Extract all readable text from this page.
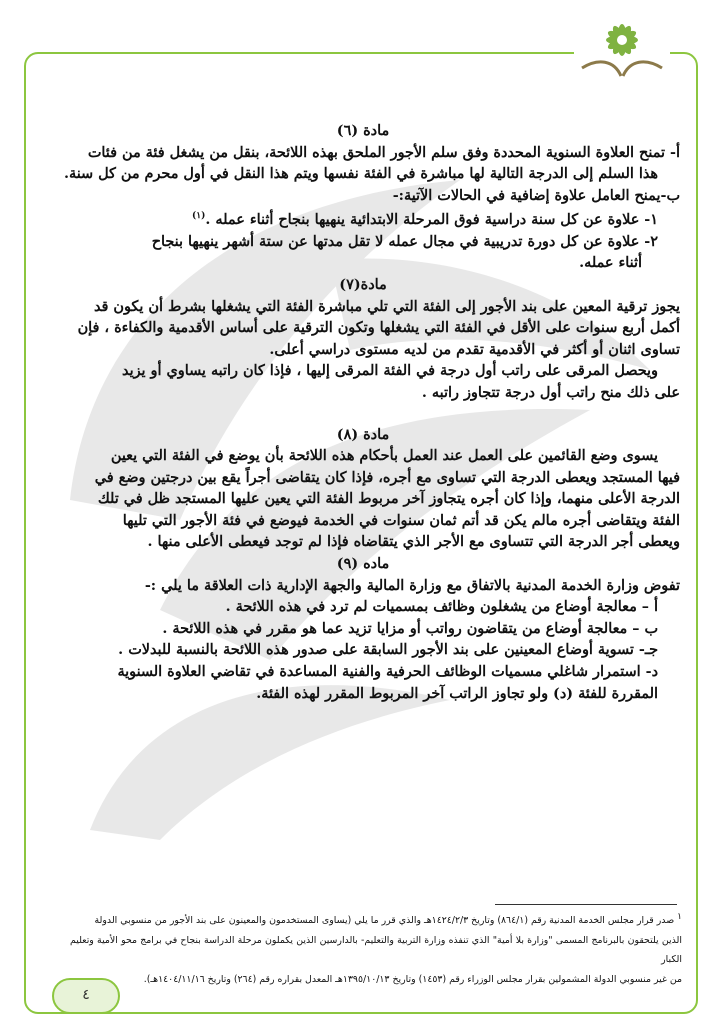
مادة (٦)

أ- تمنح العلاوة السنوية المحددة وفق سلم الأجور الملحق بهذه اللائحة، بنقل من يشغل فئة من فئات

هذا السلم إلى الدرجة التالية لها مباشرة في الفئة نفسها ويتم هذا النقل في أول محرم من كل سنة.

ب-يمنح العامل علاوة إضافية في الحالات الآتية:-

١- علاوة عن كل سنة دراسية فوق المرحلة الابتدائية ينهيها بنجاح أثناء عمله .$^{(١)}$

٢- علاوة عن كل دورة تدريبية في مجال عمله لا تقل مدتها عن ستة أشهر ينهيها بنجاح

أثناء عمله.

مادة(٧)

يجوز ترقية المعين على بند الأجور إلى الفئة التي تلي مباشرة الفئة التي يشغلها بشرط أن يكون قد

أكمل أربع سنوات على الأقل في الفئة التي يشغلها وتكون الترقية على أساس الأقدمية والكفاءة ، فإن

تساوى اثنان أو أكثر في الأقدمية تقدم من لديه مستوى دراسي أعلى.

ويحصل المرقى على راتب أول درجة في الفئة المرقى إليها ، فإذا كان راتبه يساوي أو يزيد

على ذلك منح راتب أول درجة تتجاوز راتبه .

مادة (٨)

يسوى وضع القائمين على العمل عند العمل بأحكام هذه اللائحة بأن يوضع في الفئة التي يعين

فيها المستجد ويعطى الدرجة التي تساوى مع أجره، فإذا كان يتقاضى أجراً يقع بين درجتين وضع في

الدرجة الأعلى منهما، وإذا كان أجره يتجاوز آخر مربوط الفئة التي يعين عليها المستجد ظل في تلك

الفئة ويتقاضى أجره مالم يكن قد أتم ثمان سنوات في الخدمة فيوضع في فئة الأجور التي تليها

ويعطى أجر الدرجة التي تتساوى مع الأجر الذي يتقاضاه فإذا لم توجد فيعطى الأعلى منها .

ماده (٩)

تفوض وزارة الخدمة المدنية بالاتفاق مع وزارة المالية والجهة الإدارية ذات العلاقة ما يلي :-

أ – معالجة أوضاع من يشغلون وظائف بمسميات لم ترد في هذه اللائحة .

ب – معالجة أوضاع من يتقاضون رواتب أو مزايا تزيد عما هو مقرر في هذه اللائحة .

جـ- تسوية أوضاع المعينين على بند الأجور السابقة على صدور هذه اللائحة بالنسبة للبدلات .

د- استمرار شاغلي مسميات الوظائف الحرفية والفنية المساعدة في تقاضي العلاوة السنوية

المقررة للفئة (د) ولو تجاوز الراتب آخر المربوط المقرر لهذه الفئة.

$^١$ صدر قرار مجلس الخدمة المدنية رقم (٨٦٤/١) وتاريخ ١٤٢٤/٢/٣هـ والذي قرر ما يلي (يساوى المستخدمون والمعينون على بند الأجور من منسوبي الدولة
الذين يلتحقون بالبرنامج المسمى "وزارة بلا أمية" الذي تنفذه وزارة التربية والتعليم- بالدارسين الذين يكملون مرحلة الدراسة بنجاح في برامج محو الأمية وتعليم الكبار
من غير منسوبي الدولة المشمولين بقرار مجلس الوزراء رقم (١٤٥٣) وتاريخ ١٣٩٥/١٠/١٣هـ المعدل بقراره رقم (٢٦٤) وتاريخ ١٤٠٤/١١/١٦هـ).
٤
